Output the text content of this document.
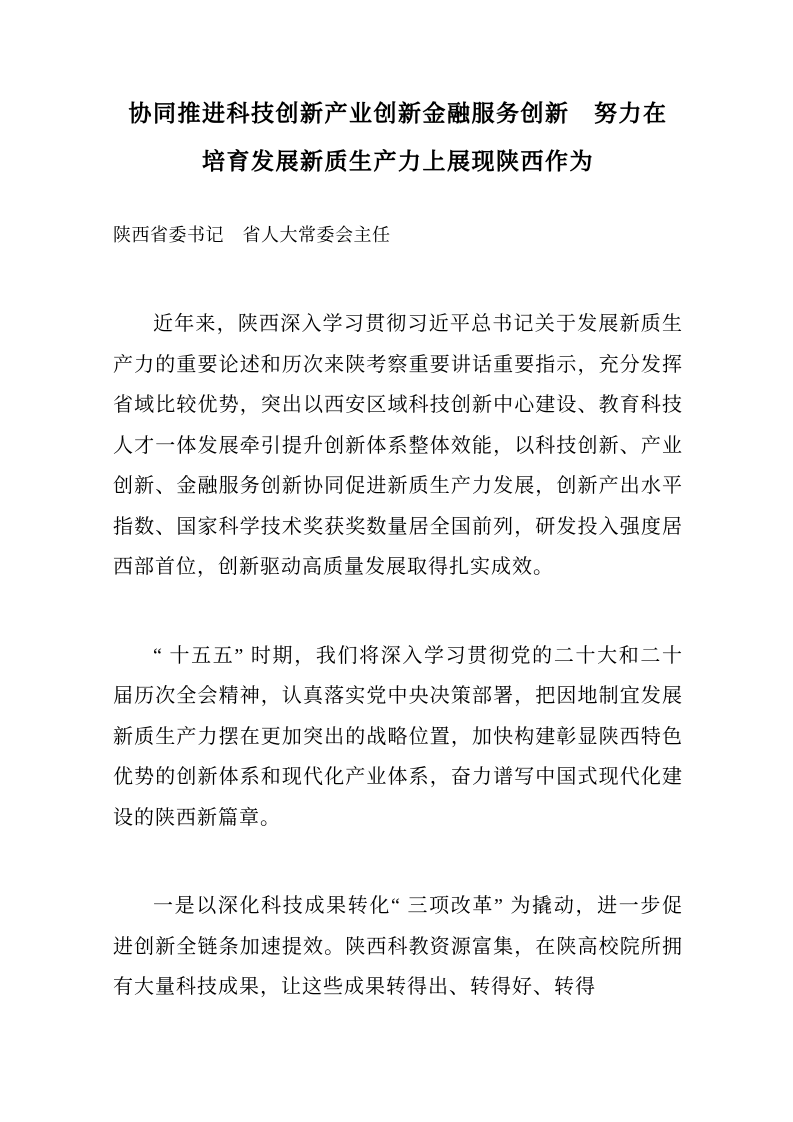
协同推进科技创新产业创新金融服务创新　努力在
培育发展新质生产力上展现陕西作为
陕西省委书记　省人大常委会主任

近年来，陕西深入学习贯彻习近平总书记关于发展新质生产力的重要论述和历次来陕考察重要讲话重要指示，充分发挥省域比较优势，突出以西安区域科技创新中心建设、教育科技人才一体发展牵引提升创新体系整体效能，以科技创新、产业创新、金融服务创新协同促进新质生产力发展，创新产出水平指数、国家科学技术奖获奖数量居全国前列，研发投入强度居西部首位，创新驱动高质量发展取得扎实成效。

“ 十五五” 时期，我们将深入学习贯彻党的二十大和二十届历次全会精神，认真落实党中央决策部署，把因地制宜发展新质生产力摆在更加突出的战略位置，加快构建彰显陕西特色优势的创新体系和现代化产业体系，奋力谱写中国式现代化建设的陕西新篇章。

一是以深化科技成果转化“ 三项改革” 为撬动，进一步促进创新全链条加速提效。陕西科教资源富集，在陕高校院所拥有大量科技成果，让这些成果转得出、转得好、转得
